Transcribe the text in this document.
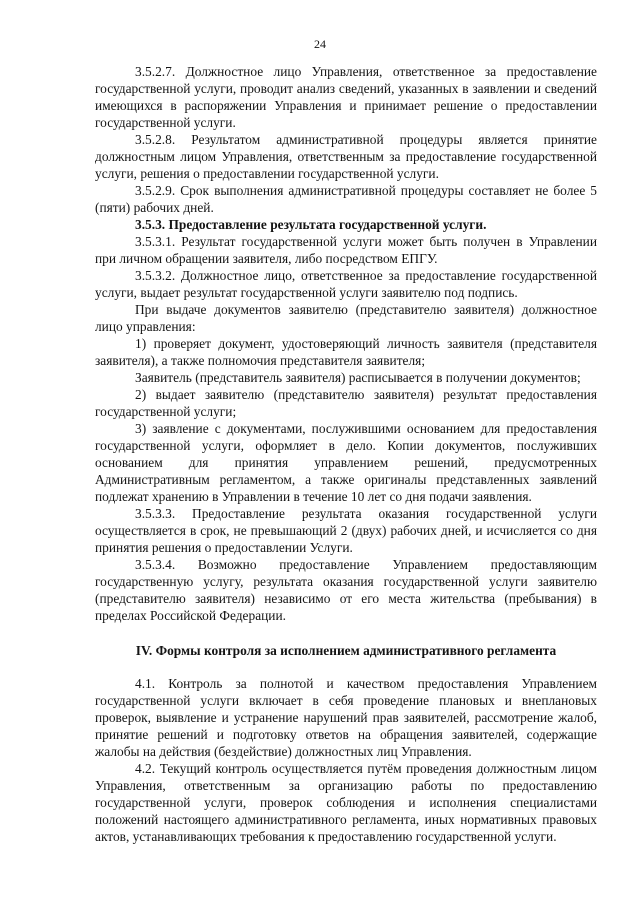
24

3.5.2.7. Должностное лицо Управления, ответственное за предоставление государственной услуги, проводит анализ сведений, указанных в заявлении и сведений имеющихся в распоряжении Управления и принимает решение о предоставлении государственной услуги.

3.5.2.8. Результатом административной процедуры является принятие должностным лицом Управления, ответственным за предоставление государственной услуги, решения о предоставлении государственной услуги.

3.5.2.9. Срок выполнения административной процедуры составляет не более 5 (пяти) рабочих дней.

3.5.3. Предоставление результата государственной услуги.

3.5.3.1. Результат государственной услуги может быть получен в Управлении при личном обращении заявителя, либо посредством ЕПГУ.

3.5.3.2. Должностное лицо, ответственное за предоставление государственной услуги, выдает результат государственной услуги заявителю под подпись.

При выдаче документов заявителю (представителю заявителя) должностное лицо управления:

1) проверяет документ, удостоверяющий личность заявителя (представителя заявителя), а также полномочия представителя заявителя;

Заявитель (представитель заявителя) расписывается в получении документов;

2) выдает заявителю (представителю заявителя) результат предоставления государственной услуги;

3) заявление с документами, послужившими основанием для предоставления государственной услуги, оформляет в дело. Копии документов, послуживших основанием для принятия управлением решений, предусмотренных Административным регламентом, а также оригиналы представленных заявлений подлежат хранению в Управлении в течение 10 лет со дня подачи заявления.

3.5.3.3. Предоставление результата оказания государственной услуги осуществляется в срок, не превышающий 2 (двух) рабочих дней, и исчисляется со дня принятия решения о предоставлении Услуги.

3.5.3.4. Возможно предоставление Управлением предоставляющим государственную услугу, результата оказания государственной услуги заявителю (представителю заявителя) независимо от его места жительства (пребывания) в пределах Российской Федерации.

IV. Формы контроля за исполнением административного регламента

4.1. Контроль за полнотой и качеством предоставления Управлением государственной услуги включает в себя проведение плановых и внеплановых проверок, выявление и устранение нарушений прав заявителей, рассмотрение жалоб, принятие решений и подготовку ответов на обращения заявителей, содержащие жалобы на действия (бездействие) должностных лиц Управления.

4.2. Текущий контроль осуществляется путём проведения должностным лицом Управления, ответственным за организацию работы по предоставлению государственной услуги, проверок соблюдения и исполнения специалистами положений настоящего административного регламента, иных нормативных правовых актов, устанавливающих требования к предоставлению государственной услуги.
